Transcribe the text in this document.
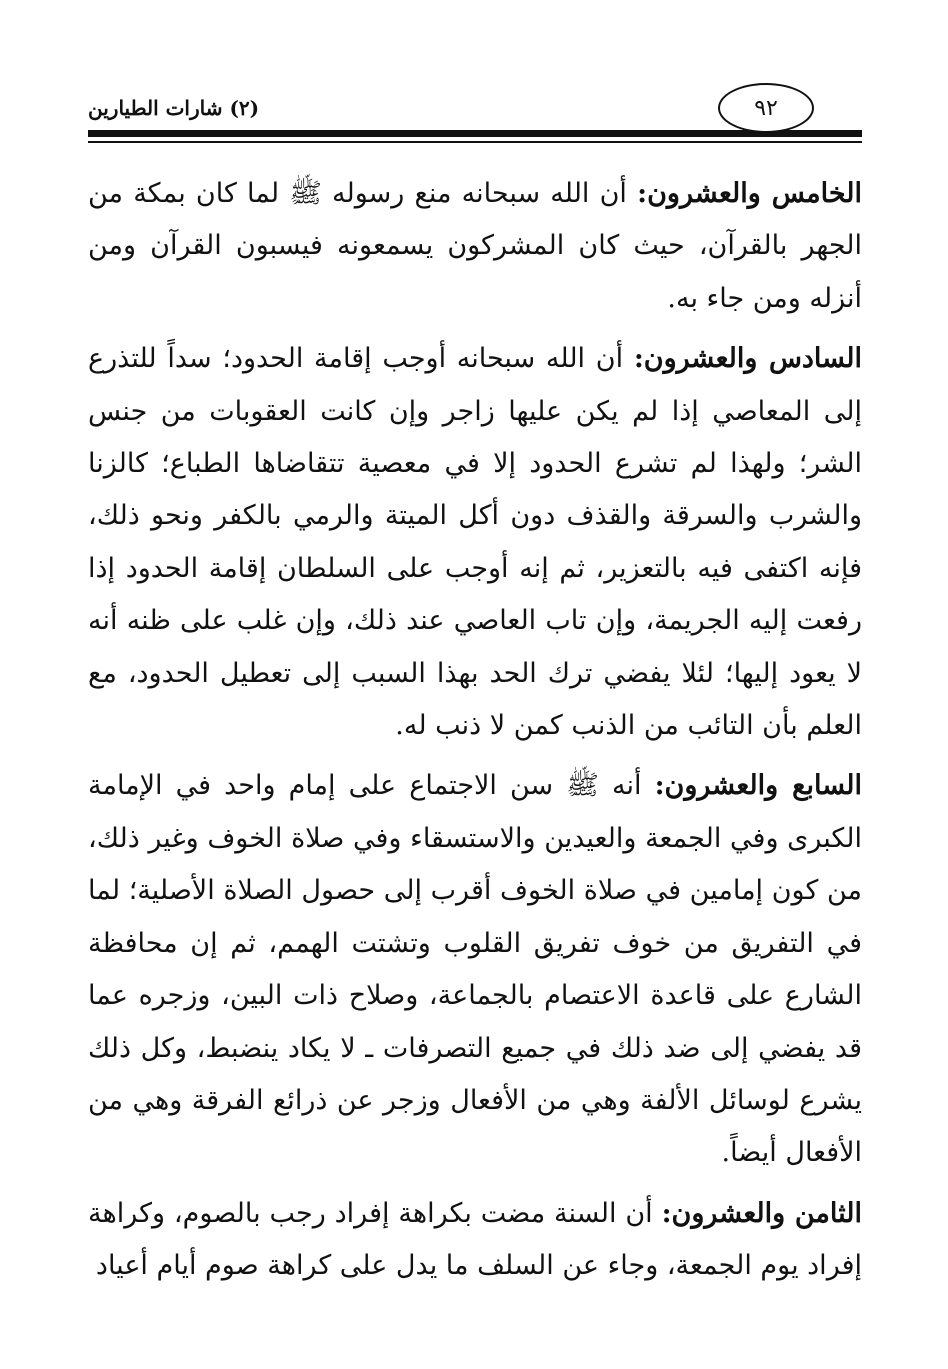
٩٢
(٢) شارات الطيارين

الخامس والعشرون: أن الله سبحانه منع رسوله ﷺ لما كان بمكة من الجهر بالقرآن، حيث كان المشركون يسمعونه فيسبون القرآن ومن أنزله ومن جاء به.

السادس والعشرون: أن الله سبحانه أوجب إقامة الحدود؛ سداً للتذرع إلى المعاصي إذا لم يكن عليها زاجر وإن كانت العقوبات من جنس الشر؛ ولهذا لم تشرع الحدود إلا في معصية تتقاضاها الطباع؛ كالزنا والشرب والسرقة والقذف دون أكل الميتة والرمي بالكفر ونحو ذلك، فإنه اكتفى فيه بالتعزير، ثم إنه أوجب على السلطان إقامة الحدود إذا رفعت إليه الجريمة، وإن تاب العاصي عند ذلك، وإن غلب على ظنه أنه لا يعود إليها؛ لئلا يفضي ترك الحد بهذا السبب إلى تعطيل الحدود، مع العلم بأن التائب من الذنب كمن لا ذنب له.

السابع والعشرون: أنه ﷺ سن الاجتماع على إمام واحد في الإمامة الكبرى وفي الجمعة والعيدين والاستسقاء وفي صلاة الخوف وغير ذلك، من كون إمامين في صلاة الخوف أقرب إلى حصول الصلاة الأصلية؛ لما في التفريق من خوف تفريق القلوب وتشتت الهمم، ثم إن محافظة الشارع على قاعدة الاعتصام بالجماعة، وصلاح ذات البين، وزجره عما قد يفضي إلى ضد ذلك في جميع التصرفات ـ لا يكاد ينضبط، وكل ذلك يشرع لوسائل الألفة وهي من الأفعال وزجر عن ذرائع الفرقة وهي من الأفعال أيضاً.

الثامن والعشرون: أن السنة مضت بكراهة إفراد رجب بالصوم، وكراهة إفراد يوم الجمعة، وجاء عن السلف ما يدل على كراهة صوم أيام أعياد
